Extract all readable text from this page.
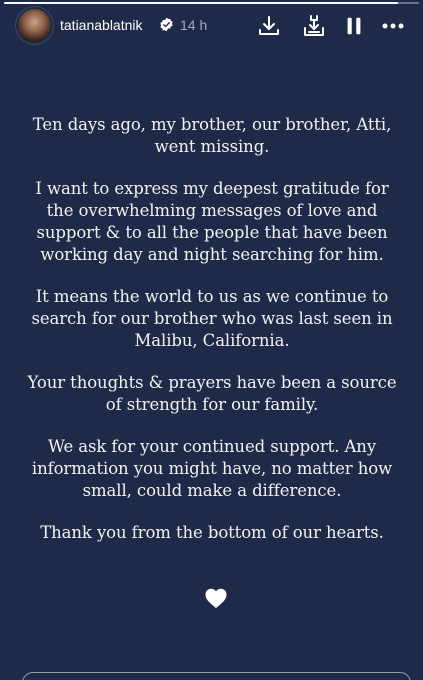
tatianablatnik	14 h

Ten days ago, my brother, our brother, Atti, went missing.

I want to express my deepest gratitude for the overwhelming messages of love and support & to all the people that have been working day and night searching for him.

It means the world to us as we continue to search for our brother who was last seen in Malibu, California.

Your thoughts & prayers have been a source of strength for our family.

We ask for your continued support. Any information you might have, no matter how small, could make a difference.

Thank you from the bottom of our hearts.
